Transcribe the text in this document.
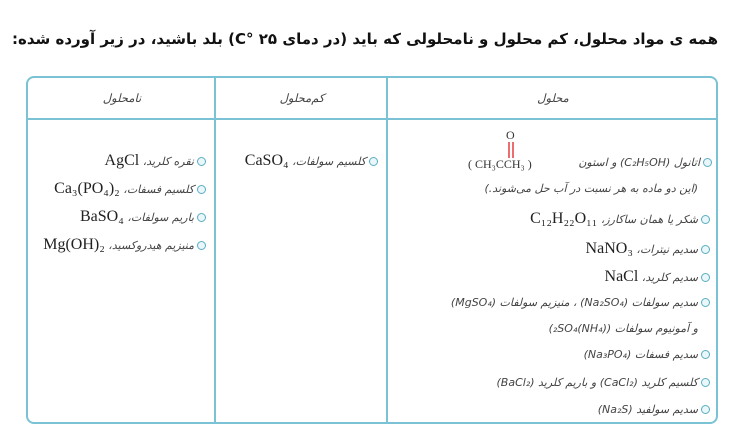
همه ی مواد محلول، کم محلول و نامحلولی که باید (در دمای ۲۵ °C) بلد باشید، در زیر آورده شده:
محلول
کم‌محلول
نامحلول
O
( CH₃CCH₃ )	اتانول (C₂H₅OH) و استون
(این دو ماده به هر نسبت در آب حل می‌شوند.)
شکر یا همان ساکارز،

C₁₂H₂₂O₁₁
سدیم نیترات،

NaNO₃
سدیم کلرید،

NaCl
سدیم سولفات (Na₂SO₄) ، منیزیم سولفات (MgSO₄)
و آمونیوم سولفات ((NH₄)₂SO₄)
سدیم فسفات (Na₃PO₄)
کلسیم کلرید (CaCl₂) و باریم کلرید (BaCl₂)
سدیم سولفید (Na₂S)
کلسیم سولفات،

CaSO₄
نقره کلرید،

AgCl
کلسیم فسفات،

Ca₃(PO₄)₂
باریم سولفات،

BaSO₄
منیزیم هیدروکسید،

Mg(OH)₂
